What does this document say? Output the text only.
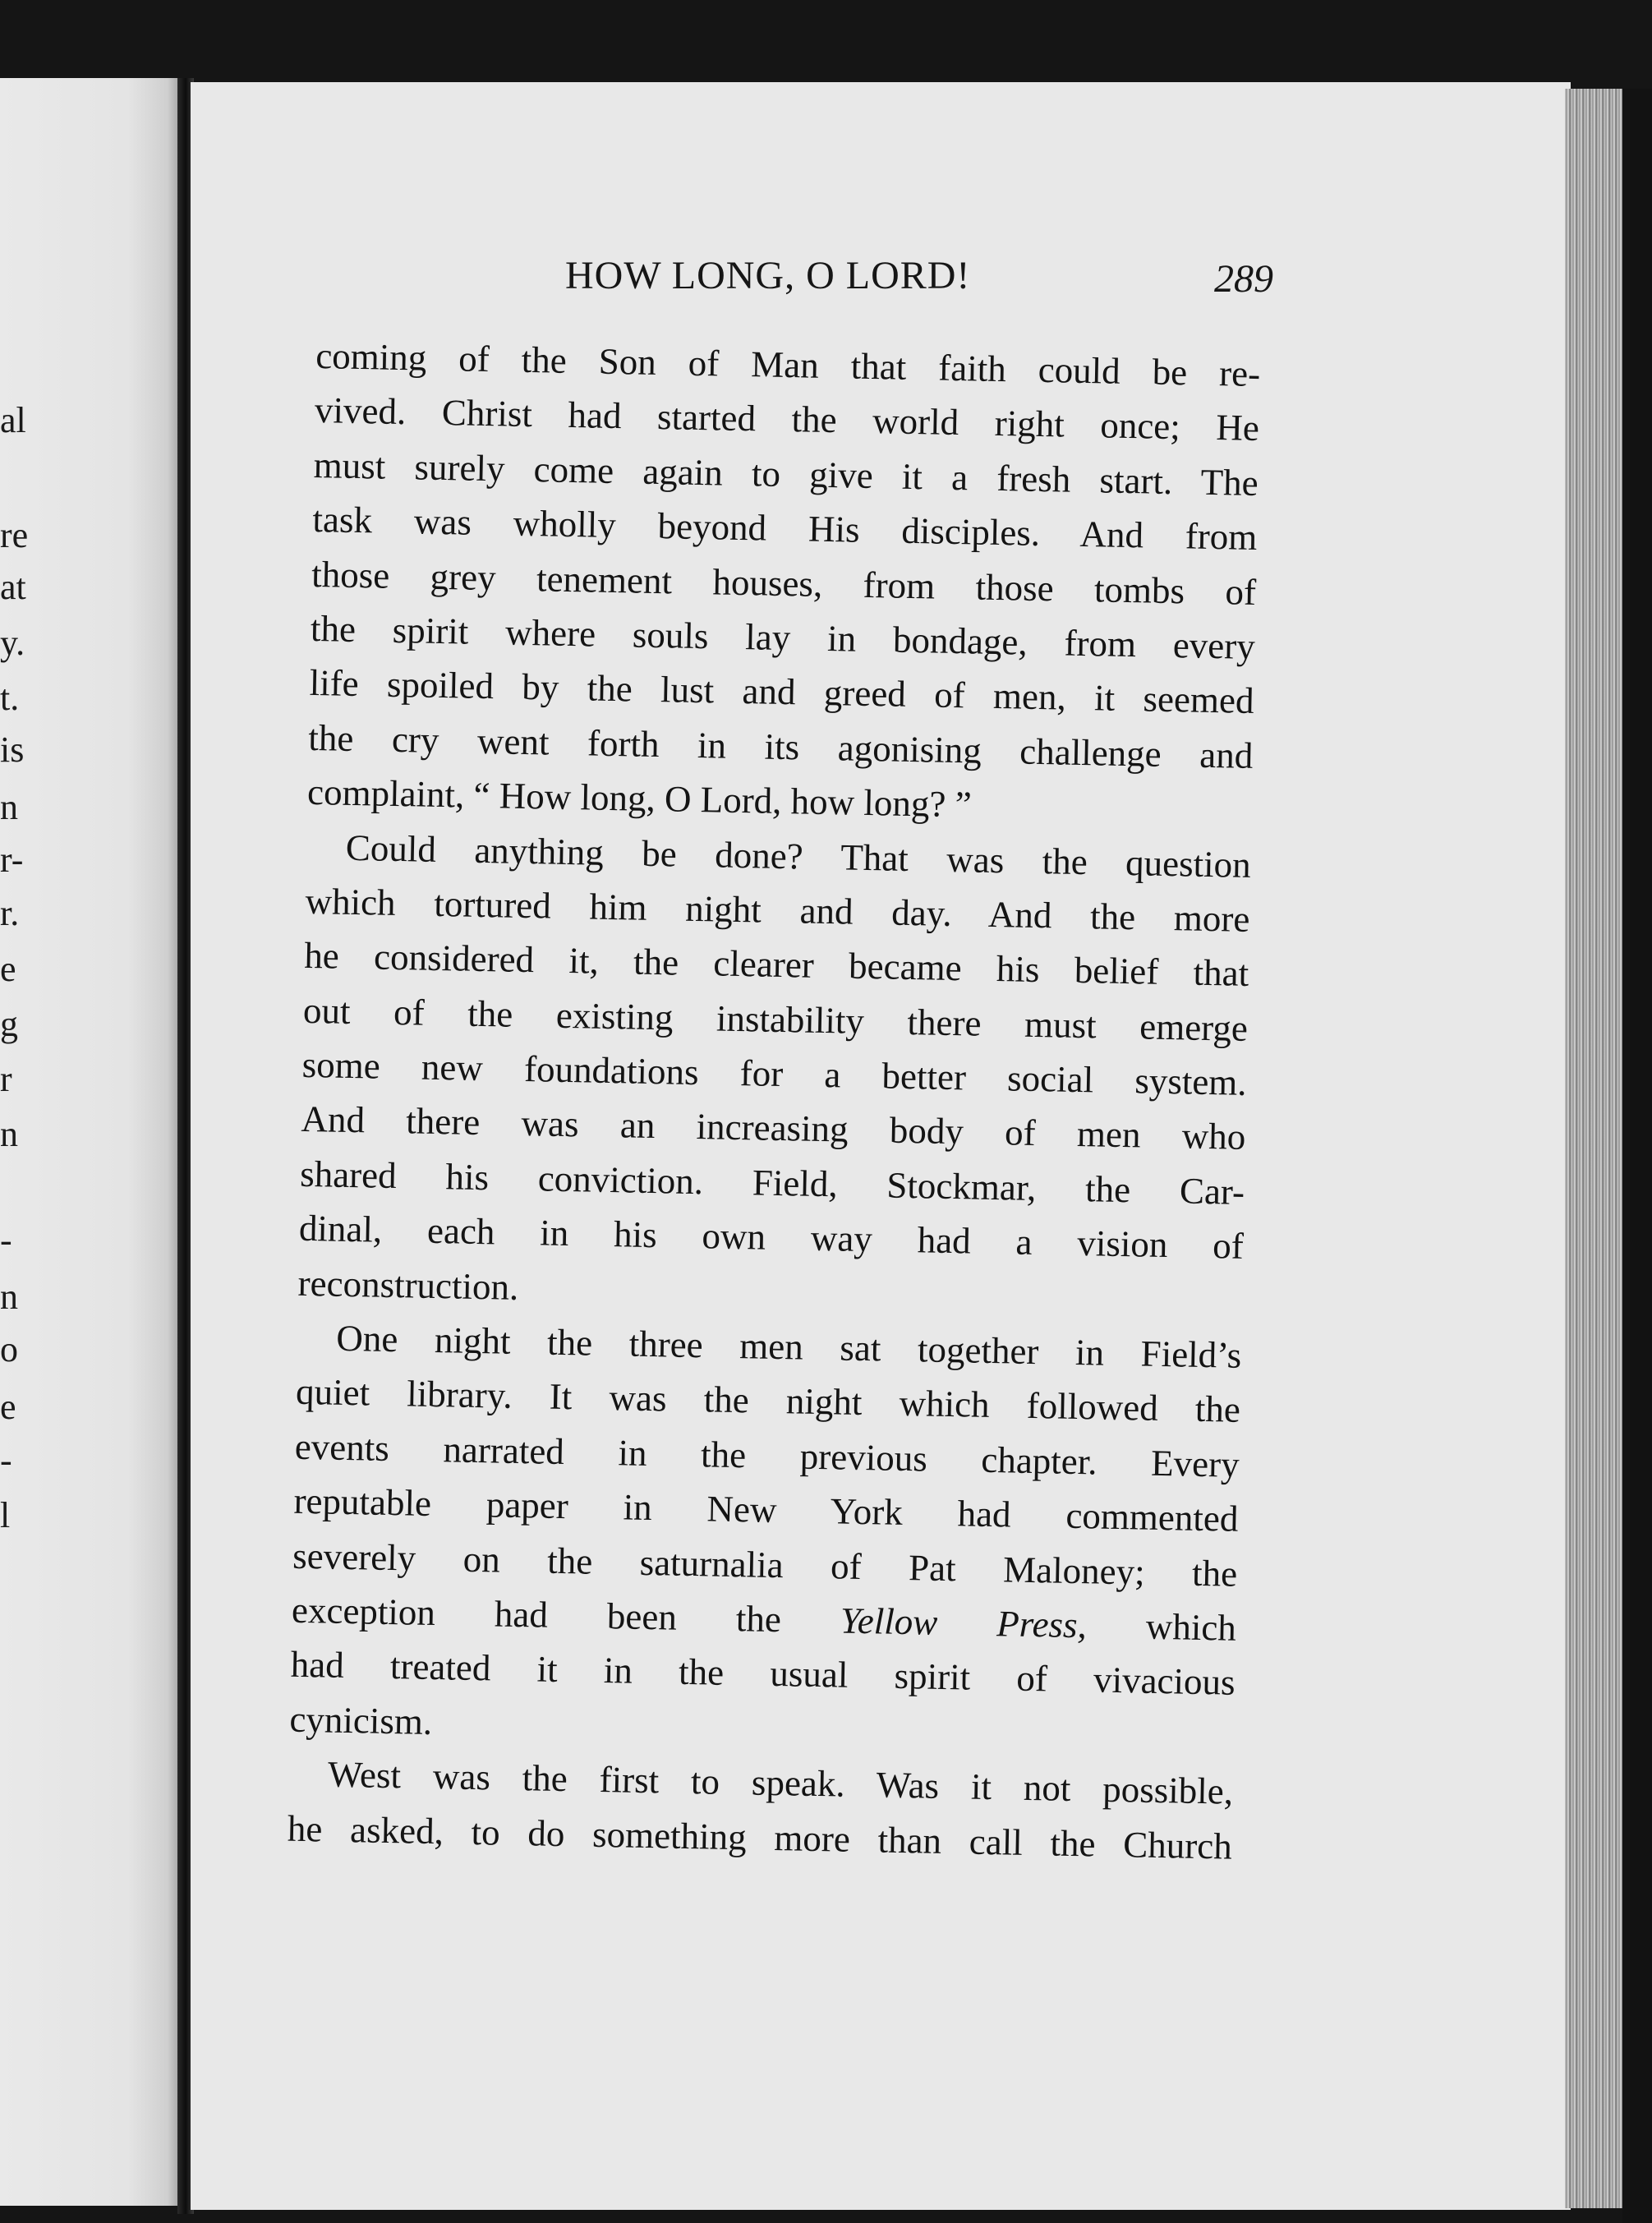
al
re
at
y.
t.
is
n
r-
r.
e
g
r
n
-
n
o
e
-
l
HOW LONG, O LORD!	289
coming of the Son of Man that faith could be re-
vived. Christ had started the world right once; He
must surely come again to give it a fresh start. The
task was wholly beyond His disciples. And from
those grey tenement houses, from those tombs of
the spirit where souls lay in bondage, from every
life spoiled by the lust and greed of men, it seemed
the cry went forth in its agonising challenge and
complaint, “ How long, O Lord, how long? ”
Could anything be done? That was the question
which tortured him night and day. And the more
he considered it, the clearer became his belief that
out of the existing instability there must emerge
some new foundations for a better social system.
And there was an increasing body of men who
shared his conviction. Field, Stockmar, the Car-
dinal, each in his own way had a vision of
reconstruction.
One night the three men sat together in Field’s
quiet library. It was the night which followed the
events narrated in the previous chapter. Every
reputable paper in New York had commented
severely on the saturnalia of Pat Maloney; the
exception had been the Yellow Press, which
had treated it in the usual spirit of vivacious
cynicism.
West was the first to speak. Was it not possible,
he asked, to do something more than call the Church
